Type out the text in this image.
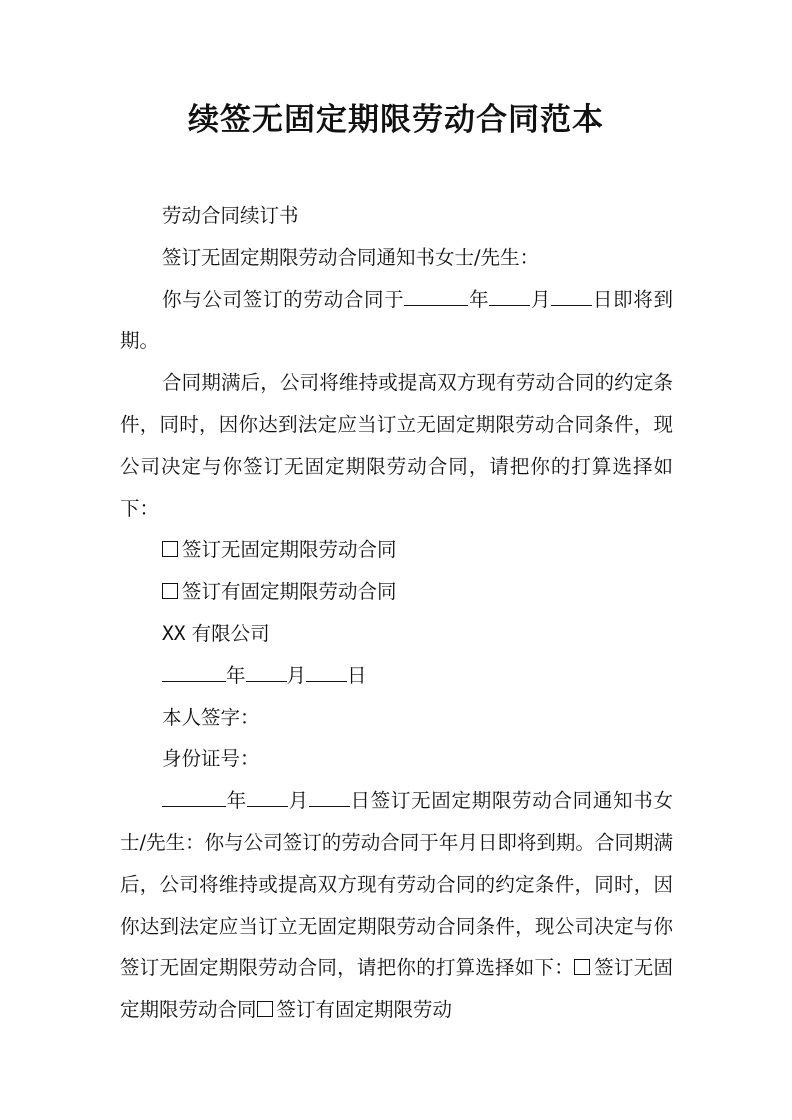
续签无固定期限劳动合同范本

劳动合同续订书

签订无固定期限劳动合同通知书女士/先生：

你与公司签订的劳动合同于	年 月 日即将到期。

合同期满后，公司将维持或提高双方现有劳动合同的约定条件，同时，因你达到法定应当订立无固定期限劳动合同条件，现公司决定与你签订无固定期限劳动合同，请把你的打算选择如下：

签订无固定期限劳动合同

签订有固定期限劳动合同

XX 有限公司

年 月 日

本人签字：

身份证号：

年 月 日签订无固定期限劳动合同通知书女士/先生：你与公司签订的劳动合同于年月日即将到期。合同期满后，公司将维持或提高双方现有劳动合同的约定条件，同时，因你达到法定应当订立无固定期限劳动合同条件，现公司决定与你签订无固定期限劳动合同，请把你的打算选择如下： 签订无固定期限劳动合同 签订有固定期限劳动
